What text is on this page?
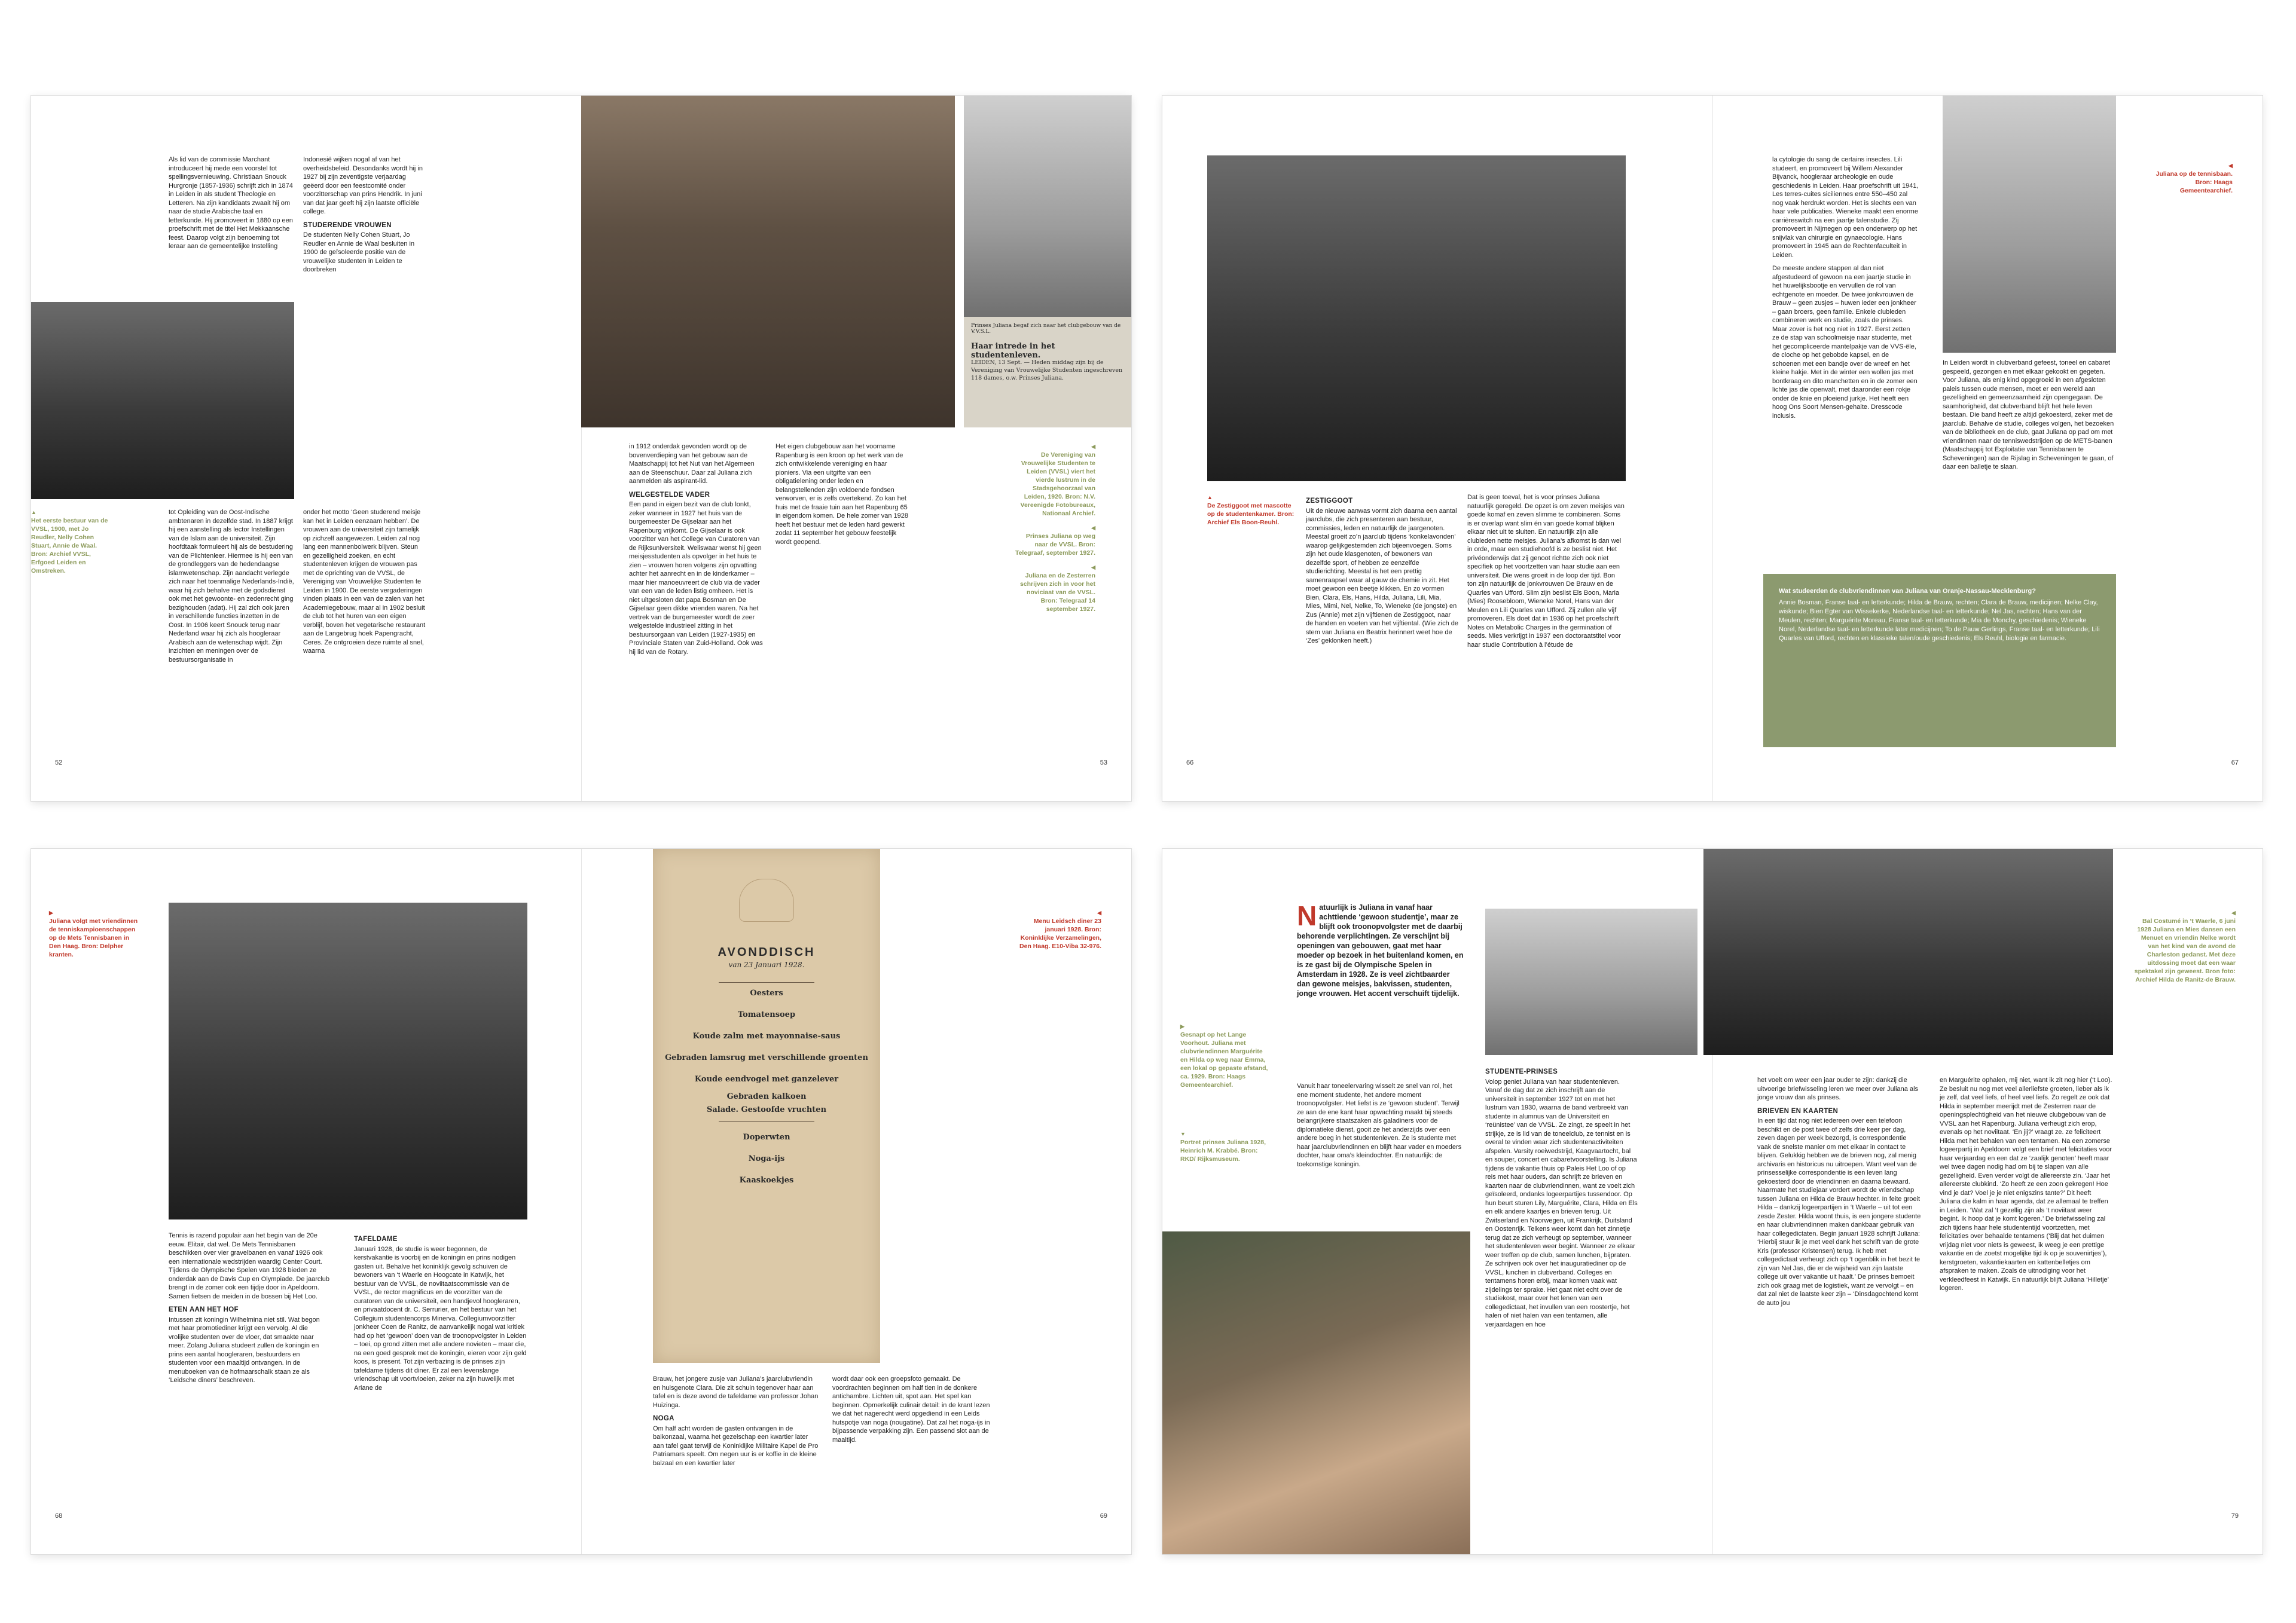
Als lid van de commissie Marchant introduceert hij mede een voorstel tot spellingsvernieuwing. Christiaan Snouck Hurgronje (1857-1936) schrijft zich in 1874 in Leiden in als student Theologie en Letteren. Na zijn kandidaats zwaait hij om naar de studie Arabische taal en letterkunde. Hij promoveert in 1880 op een proefschrift met de titel Het Mekkaansche feest. Daarop volgt zijn benoeming tot leraar aan de gemeentelijke Instelling

Indonesië wijken nogal af van het overheidsbeleid. Desondanks wordt hij in 1927 bij zijn zeventigste verjaardag geëerd door een feestcomité onder voorzitterschap van prins Hendrik. In juni van dat jaar geeft hij zijn laatste officiële college.

STUDERENDE VROUWEN

De studenten Nelly Cohen Stuart, Jo Reudler en Annie de Waal besluiten in 1900 de geïsoleerde positie van de vrouwelijke studenten in Leiden te doorbreken

Prinses Juliana begaf zich naar het clubgebouw van de V.V.S.L.
Haar intrede in het studentenleven.
LEIDEN, 13 Sept. — Heden middag zijn bij de Vereniging van Vrouwelijke Studenten ingeschreven 118 dames, o.w. Prinses Juliana.
▲
Het eerste bestuur van de VVSL, 1900, met Jo Reudler, Nelly Cohen Stuart, Annie de Waal. Bron: Archief VVSL, Erfgoed Leiden en Omstreken.

tot Opleiding van de Oost-Indische ambtenaren in dezelfde stad. In 1887 krijgt hij een aanstelling als lector Instellingen van de Islam aan de universiteit. Zijn hoofdtaak formuleert hij als de bestudering van de Plichtenleer. Hiermee is hij een van de grondleggers van de hedendaagse islamwetenschap. Zijn aandacht verlegde zich naar het toenmalige Nederlands-Indië, waar hij zich behalve met de godsdienst ook met het gewoonte- en zedenrecht ging bezighouden (adat). Hij zal zich ook jaren in verschillende functies inzetten in de Oost. In 1906 keert Snouck terug naar Nederland waar hij zich als hoogleraar Arabisch aan de wetenschap wijdt. Zijn inzichten en meningen over de bestuursorganisatie in

onder het motto ‘Geen studerend meisje kan het in Leiden eenzaam hebben’. De vrouwen aan de universiteit zijn tamelijk op zichzelf aangewezen. Leiden zal nog lang een mannenbolwerk blijven. Steun en gezelligheid zoeken, en echt studentenleven krijgen de vrouwen pas met de oprichting van de VVSL, de Vereniging van Vrouwelijke Studenten te Leiden in 1900. De eerste vergaderingen vinden plaats in een van de zalen van het Academiegebouw, maar al in 1902 besluit de club tot het huren van een eigen verblijf, boven het vegetarische restaurant aan de Langebrug hoek Papengracht, Ceres. Ze ontgroeien deze ruimte al snel, waarna

in 1912 onderdak gevonden wordt op de bovenverdieping van het gebouw aan de Maatschappij tot het Nut van het Algemeen aan de Steenschuur. Daar zal Juliana zich aanmelden als aspirant-lid.

WELGESTELDE VADER

Een pand in eigen bezit van de club lonkt, zeker wanneer in 1927 het huis van de burgemeester De Gijselaar aan het Rapenburg vrijkomt. De Gijselaar is ook voorzitter van het College van Curatoren van de Rijksuniversiteit. Weliswaar wenst hij geen meisjesstudenten als opvolger in het huis te zien – vrouwen horen volgens zijn opvatting achter het aanrecht en in de kinderkamer – maar hier manoeuvreert de club via de vader van een van de leden listig omheen. Het is niet uitgesloten dat papa Bosman en De Gijselaar geen dikke vrienden waren. Na het vertrek van de burgemeester wordt de zeer welgestelde industrieel zitting in het bestuursorgaan van Leiden (1927-1935) en Provinciale Staten van Zuid-Holland. Ook was hij lid van de Rotary.

Het eigen clubgebouw aan het voorname Rapenburg is een kroon op het werk van de zich ontwikkelende vereniging en haar pioniers. Via een uitgifte van een obligatielening onder leden en belangstellenden zijn voldoende fondsen verworven, er is zelfs overtekend. Zo kan het huis met de fraaie tuin aan het Rapenburg 65 in eigendom komen. De hele zomer van 1928 heeft het bestuur met de leden hard gewerkt zodat 11 september het gebouw feestelijk wordt geopend.

◀
De Vereniging van Vrouwelijke Studenten te Leiden (VVSL) viert het vierde lustrum in de Stadsgehoorzaal van Leiden, 1920. Bron: N.V. Vereenigde Fotobureaux, Nationaal Archief.

◀
Prinses Juliana op weg naar de VVSL. Bron: Telegraaf, september 1927.

◀
Juliana en de Zesterren schrijven zich in voor het noviciaat van de VVSL. Bron: Telegraaf 14 september 1927.

52	53
▲
De Zestiggoot met mascotte op de studentenkamer. Bron: Archief Els Boon-Reuhl.
ZESTIGGOOT

Uit de nieuwe aanwas vormt zich daarna een aantal jaarclubs, die zich presenteren aan bestuur, commissies, leden en natuurlijk de jaargenoten. Meestal groeit zo’n jaarclub tijdens ‘konkelavonden’ waarop gelijkgestemden zich bijeenvoegen. Soms zijn het oude klasgenoten, of bewoners van dezelfde sport, of hebben ze eenzelfde studierichting. Meestal is het een prettig samenraapsel waar al gauw de chemie in zit. Het moet gewoon een beetje klikken. En zo vormen Bien, Clara, Els, Hans, Hilda, Juliana, Lili, Mia, Mies, Mimi, Nel, Nelke, To, Wieneke (de jongste) en Zus (Annie) met zijn vijftienen de Zestiggoot, naar de handen en voeten van het vijftiental. (Wie zich de stem van Juliana en Beatrix herinnert weet hoe de ‘Zes’ geklonken heeft.)

Dat is geen toeval, het is voor prinses Juliana natuurlijk geregeld. De opzet is om zeven meisjes van goede komaf en zeven slimme te combineren. Soms is er overlap want slim én van goede komaf blijken elkaar niet uit te sluiten. En natuurlijk zijn alle clubleden nette meisjes. Juliana’s afkomst is dan wel in orde, maar een studiehoofd is ze beslist niet. Het privéonderwijs dat zij genoot richtte zich ook niet specifiek op het voortzetten van haar studie aan een universiteit. Die wens groeit in de loop der tijd. Bon ton zijn natuurlijk de jonkvrouwen De Brauw en de Quarles van Ufford. Slim zijn beslist Els Boon, Maria (Mies) Roosebloom, Wieneke Norel, Hans van der Meulen en Lili Quarles van Ufford. Zij zullen alle vijf promoveren. Els doet dat in 1936 op het proefschrift Notes on Metabolic Charges in the germination of seeds. Mies verkrijgt in 1937 een doctoraatstitel voor haar studie Contribution à l’étude de

la cytologie du sang de certains insectes. Lili studeert, en promoveert bij Willem Alexander Bijvanck, hoogleraar archeologie en oude geschiedenis in Leiden. Haar proefschrift uit 1941, Les terres-cuites siciliennes entre 550–450 zal nog vaak herdrukt worden. Het is slechts een van haar vele publicaties. Wieneke maakt een enorme carrièreswitch na een jaartje talenstudie. Zij promoveert in Nijmegen op een onderwerp op het snijvlak van chirurgie en gynaecologie. Hans promoveert in 1945 aan de Rechtenfaculteit in Leiden.

De meeste andere stappen al dan niet afgestudeerd of gewoon na een jaartje studie in het huwelijksbootje en vervullen de rol van echtgenote en moeder. De twee jonkvrouwen de Brauw – geen zusjes – huwen ieder een jonkheer – gaan broers, geen familie. Enkele clubleden combineren werk en studie, zoals de prinses. Maar zover is het nog niet in 1927. Eerst zetten ze de stap van schoolmeisje naar studente, met het gecompliceerde mantelpakje van de VVS-ële, de cloche op het gebobde kapsel, en de schoenen met een bandje over de wreef en het kleine hakje. Met in de winter een wollen jas met bontkraag en dito manchetten en in de zomer een lichte jas die openvalt, met daaronder een rokje onder de knie en ploeiend jurkje. Het heeft een hoog Ons Soort Mensen-gehalte. Dresscode inclusis.

◀
Juliana op de tennisbaan. Bron: Haags Gemeentearchief.

In Leiden wordt in clubverband gefeest, toneel en cabaret gespeeld, gezongen en met elkaar gekookt en gegeten. Voor Juliana, als enig kind opgegroeid in een afgesloten paleis tussen oude mensen, moet er een wereld aan gezelligheid en gemeenzaamheid zijn opengegaan. De saamhorigheid, dat clubverband blijft het hele leven bestaan. Die band heeft ze altijd gekoesterd, zeker met de jaarclub. Behalve de studie, colleges volgen, het bezoeken van de bibliotheek en de club, gaat Juliana op pad om met vriendinnen naar de tenniswedstrijden op de METS-banen (Maatschappij tot Exploitatie van Tennisbanen te Scheveningen) aan de Rijslag in Scheveningen te gaan, of daar een balletje te slaan.

Wat studeerden de clubvriendinnen van Juliana van Oranje-Nassau-Mecklenburg?
Annie Bosman, Franse taal- en letterkunde; Hilda de Brauw, rechten; Clara de Brauw, medicijnen; Nelke Clay, wiskunde; Bien Egter van Wissekerke, Nederlandse taal- en letterkunde; Nel Jas, rechten; Hans van der Meulen, rechten; Marguérite Moreau, Franse taal- en letterkunde; Mia de Monchy, geschiedenis; Wieneke Norel, Nederlandse taal- en letterkunde later medicijnen; To de Pauw Gerlings, Franse taal- en letterkunde; Lili Quarles van Ufford, rechten en klassieke talen/oude geschiedenis; Els Reuhl, biologie en farmacie.
66	67
▶
Juliana volgt met vriendinnen de tenniskampioenschappen op de Mets Tennisbanen in Den Haag. Bron: Delpher kranten.

Tennis is razend populair aan het begin van de 20e eeuw. Elitair, dat wel. De Mets Tennisbanen beschikken over vier gravelbanen en vanaf 1926 ook een internationale wedstrijden waardig Center Court. Tijdens de Olympische Spelen van 1928 bieden ze onderdak aan de Davis Cup en Olympiade. De jaarclub brengt in de zomer ook een tijdje door in Apeldoorn. Samen fietsen de meiden in de bossen bij Het Loo.

ETEN AAN HET HOF

Intussen zit koningin Wilhelmina niet stil. Wat begon met haar promotiediner krijgt een vervolg. Al die vrolijke studenten over de vloer, dat smaakte naar meer. Zolang Juliana studeert zullen de koningin en prins een aantal hoogleraren, bestuurders en studenten voor een maaltijd ontvangen. In de menuboeken van de hofmaarschalk staan ze als ‘Leidsche diners’ beschreven.

TAFELDAME

Januari 1928, de studie is weer begonnen, de kerstvakantie is voorbij en de koningin en prins nodigen gasten uit. Behalve het koninklijk gevolg schuiven de bewoners van ‘t Waerle en Hoogcate in Katwijk, het bestuur van de VVSL, de noviitaatscommissie van de VVSL, de rector magnificus en de voorzitter van de curatoren van de universiteit, een handjevol hoogleraren, en privaatdocent dr. C. Serrurier, en het bestuur van het Collegium studentencorps Minerva. Collegiumvoorzitter jonkheer Coen de Ranitz, de aanvankelijk nogal wat kritiek had op het ‘gewoon’ doen van de troonopvolgster in Leiden – toei, op grond zitten met alle andere novieten – maar die, na een goed gesprek met de koningin, eieren voor zijn geld koos, is present. Tot zijn verbazing is de prinses zijn tafeldame tijdens dit diner. Er zal een levenslange vriendschap uit voortvloeien, zeker na zijn huwelijk met Ariane de

AVONDDISCH
van 23 Januari 1928.
Oesters
Tomatensoep
Koude zalm met mayonnaise-saus
Gebraden lamsrug met verschillende groenten
Koude eendvogel met ganzelever
Gebraden kalkoen
Salade. Gestoofde vruchten
Doperwten
Noga-ijs
Kaaskoekjes
◀
Menu Leidsch diner 23 januari 1928. Bron: Koninklijke Verzamelingen, Den Haag. E10-Viba 32-976.

Brauw, het jongere zusje van Juliana’s jaarclubvriendin en huisgenote Clara. Die zit schuin tegenover haar aan tafel en is deze avond de tafeldame van professor Johan Huizinga.

NOGA

Om half acht worden de gasten ontvangen in de balkonzaal, waarna het gezelschap een kwartier later aan tafel gaat terwijl de Koninklijke Militaire Kapel de Pro Patriamars speelt. Om negen uur is er koffie in de kleine balzaal en een kwartier later

wordt daar ook een groepsfoto gemaakt. De voordrachten beginnen om half tien in de donkere antichambre. Lichten uit, spot aan. Het spel kan beginnen. Opmerkelijk culinair detail: in de krant lezen we dat het nagerecht werd opgediend in een Leids hutspotje van noga (nougatine). Dat zal het noga-ijs in bijpassende verpakking zijn. Een passend slot aan de maaltijd.

68	69
▶
Gesnapt op het Lange Voorhout. Juliana met clubvriendinnen Marguérite en Hilda op weg naar Emma, een lokal op gepaste afstand, ca. 1929. Bron: Haags Gemeentearchief.
▼
Portret prinses Juliana 1928, Heinrich M. Krabbé. Bron: RKD/ Rijksmuseum.
Natuurlijk is Juliana in vanaf haar achttiende ‘gewoon studentje’, maar ze blijft ook troonopvolgster met de daarbij behorende verplichtingen. Ze verschijnt bij openingen van gebouwen, gaat met haar moeder op bezoek in het buitenland komen, en is ze gast bij de Olympische Spelen in Amsterdam in 1928. Ze is veel zichtbaarder dan gewone meisjes, bakvissen, studenten, jonge vrouwen. Het accent verschuift tijdelijk.

Vanuit haar toneelervaring wisselt ze snel van rol, het ene moment studente, het andere moment troonopvolgster. Het liefst is ze ‘gewoon student’. Terwijl ze aan de ene kant haar opwachting maakt bij steeds belangrijkere staatszaken als galadiners voor de diplomatieke dienst, gooit ze het anderzijds over een andere boeg in het studentenleven. Ze is studente met haar jaarclubvriendinnen en blijft haar vader en moeders dochter, haar oma’s kleindochter. En natuurlijk: de toekomstige koningin.

STUDENTE-PRINSES

Volop geniet Juliana van haar studentenleven. Vanaf de dag dat ze zich inschrijft aan de universiteit in september 1927 tot en met het lustrum van 1930, waarna de band verbreekt van studente in alumnus van de Universiteit en ‘reünistee’ van de VVSL. Ze zingt, ze speelt in het strijkje, ze is lid van de toneelclub, ze tennist en is overal te vinden waar zich studentenactiviteiten afspelen. Varsity roeiwedstrijd, Kaagvaartocht, bal en souper, concert en cabaretvoorstelling. Is Juliana tijdens de vakantie thuis op Paleis Het Loo of op reis met haar ouders, dan schrijft ze brieven en kaarten naar de clubvriendinnen, want ze voelt zich geïsoleerd, ondanks logeerpartijes tussendoor. Op hun beurt sturen Lily, Marguérite, Clara, Hilda en Els en elk andere kaartjes en brieven terug. Uit Zwitserland en Noorwegen, uit Frankrijk, Duitsland en Oostenrijk. Telkens weer komt dan het zinnetje terug dat ze zich verheugt op september, wanneer het studentenleven weer begint. Wanneer ze elkaar weer treffen op de club, samen lunchen, bijpraten. Ze schrijven ook over het inauguratiediner op de VVSL, lunchen in clubverband. Colleges en tentamens horen erbij, maar komen vaak wat zijdelings ter sprake. Het gaat niet echt over de studiekost, maar over het lenen van een collegedictaat, het invullen van een roostertje, het halen of niet halen van een tentamen, alle verjaardagen en hoe

het voelt om weer een jaar ouder te zijn: dankzij die uitvoerige briefwisseling leren we meer over Juliana als jonge vrouw dan als prinses.

BRIEVEN EN KAARTEN

In een tijd dat nog niet iedereen over een telefoon beschikt en de post twee of zelfs drie keer per dag, zeven dagen per week bezorgd, is correspondentie vaak de snelste manier om met elkaar in contact te blijven. Gelukkig hebben we de brieven nog, zal menig archivaris en historicus nu uitroepen. Want veel van de prinsesselijke correspondentie is een leven lang gekoesterd door de vriendinnen en daarna bewaard. Naarmate het studiejaar vordert wordt de vriendschap tussen Juliana en Hilda de Brauw hechter. In feite groeit Hilda – dankzij logeerpartijen in ‘t Waerle – uit tot een zesde Zester. Hilda woont thuis, is een jongere studente en haar clubvriendinnen maken dankbaar gebruik van haar collegedictaten. Begin januari 1928 schrijft Juliana: ‘Hierbij stuur ik je met veel dank het schrift van de grote Kris (professor Kristensen) terug. Ik heb met collegedictaat verheugt zich op ‘t ogenblik in het bezit te zijn van Nel Jas, die er de wijsheid van zijn laatste college uit over vakantie uit haalt.’ De prinses bemoeit zich ook graag met de logistiek, want ze vervolgt – en dat zal niet de laatste keer zijn – ‘Dinsdagochtend komt de auto jou

en Marguérite ophalen, mij niet, want ik zit nog hier (‘t Loo). Ze besluit nu nog met veel allerliefste groeten, lieber als ik je zelf, dat veel liefs, of heel veel liefs. Zo regelt ze ook dat Hilda in september meerijdt met de Zesterren naar de openingsplechtigheid van het nieuwe clubgebouw van de VVSL aan het Rapenburg. Juliana verheugt zich erop, evenals op het noviitaat. ‘En jij?’ vraagt ze. ze feliciteert Hilda met het behalen van een tentamen. Na een zomerse logeerpartij in Apeldoorn volgt een brief met felicitaties voor haar verjaardag en een dat ze ‘zaalijk genoten’ heeft maar wel twee dagen nodig had om bij te slapen van alle gezelligheid. Even verder volgt de allereerste zin. ‘Jaar het allereerste clubkind. ‘Zo heeft ze een zoon gekregen! Hoe vind je dat? Voel je je niet enigszins tante?’ Dit heeft Juliana die kalm in haar agenda, dat ze allemaal te treffen in Leiden. ‘Wat zal ‘t gezellig zijn als ‘t noviitaat weer begint. Ik hoop dat je komt logeren.’ De briefwisseling zal zich tijdens haar hele studententijd voortzetten, met felicitaties over behaalde tentamens (‘Blij dat het duimen vrijdag niet voor niets is geweest, ik weeg je een prettige vakantie en de zoetst mogelijke tijd ik op je souvenirtjes’), kerstgroeten, vakantiekaarten en kattenbelletjes om afspraken te maken. Zoals de uitnodiging voor het verkleedfeest in Katwijk. En natuurlijk blijft Juliana ‘Hilletje’ logeren.

◀
Bal Costumé in ‘t Waerle, 6 juni 1928 Juliana en Mies dansen een Menuet en vriendin Nelke wordt van het kind van de avond de Charleston gedanst. Met deze uitdossing moet dat een waar spektakel zijn geweest. Bron foto: Archief Hilda de Ranitz-de Brauw.
79
